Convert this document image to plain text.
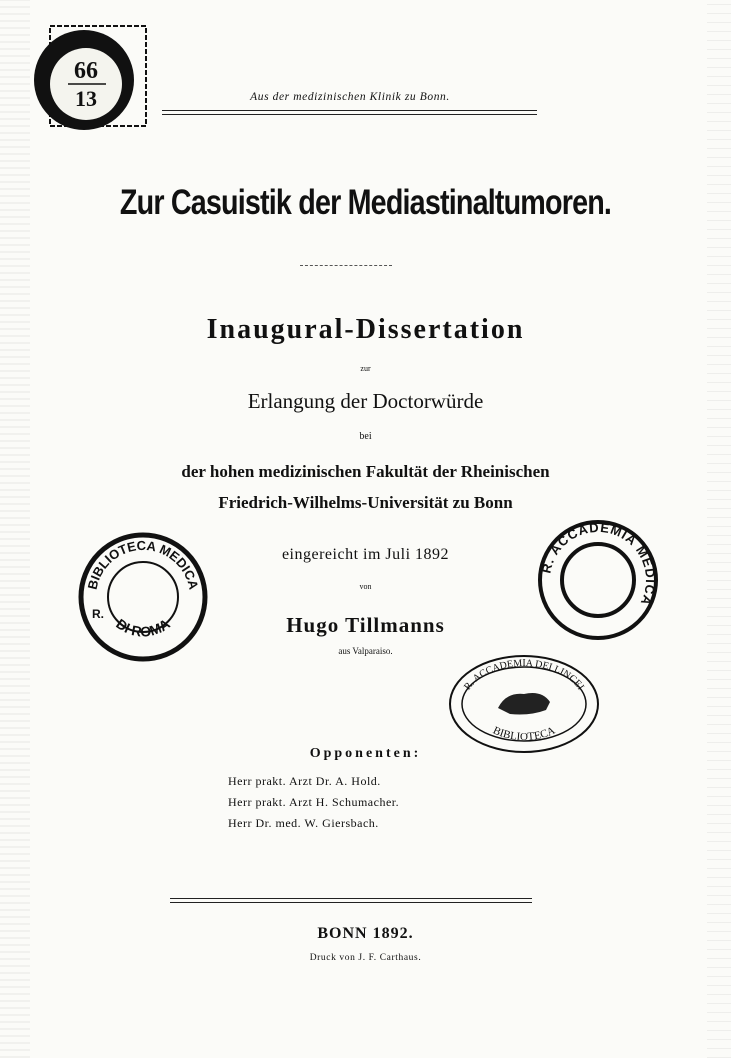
66
13	Aus der medizinischen Klinik zu Bonn.
Zur Casuistik der Mediastinaltumoren.
Inaugural-Dissertation
zur
Erlangung der Doctorwürde
bei
der hohen medizinischen Fakultät der Rheinischen
Friedrich-Wilhelms-Universität zu Bonn
eingereicht im Juli 1892
von
Hugo Tillmanns
aus Valparaiso.
BIBLIOTECA MEDICA
DI ROMA
R.
R. ACCADEMIA MEDICA
R. ACCADEMIA DEI LINCEI
BIBLIOTECA
Opponenten:
Herr prakt. Arzt Dr. A. Hold.
Herr prakt. Arzt H. Schumacher.
Herr Dr. med. W. Giersbach.
BONN 1892.
Druck von J. F. Carthaus.
